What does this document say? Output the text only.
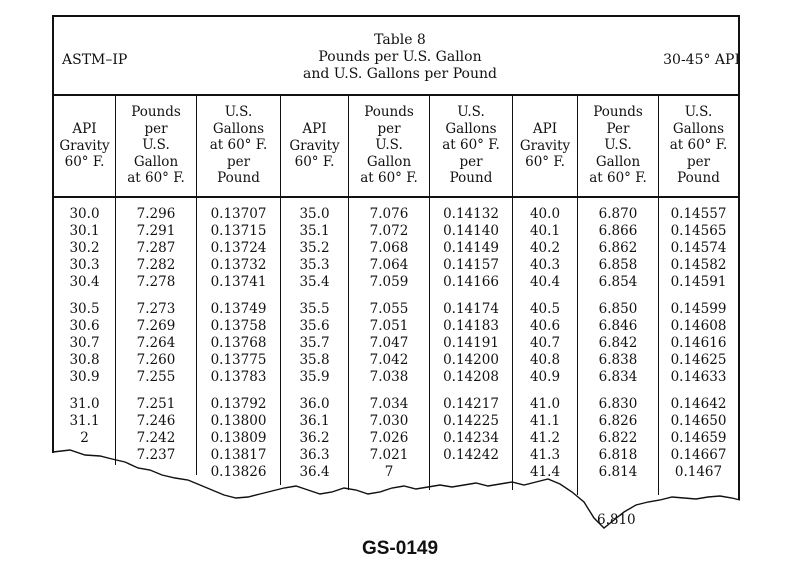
ASTM–IP
Table 8
Pounds per U.S. Gallon
and U.S. Gallons per Pound
30-45° API
API
Gravity
60° F.
Pounds
per
U.S.
Gallon
at 60° F.
U.S.
Gallons
at 60° F.
per
Pound
API
Gravity
60° F.
Pounds
per
U.S.
Gallon
at 60° F.
U.S.
Gallons
at 60° F.
per
Pound
API
Gravity
60° F.
Pounds
Per
U.S.
Gallon
at 60° F.
U.S.
Gallons
at 60° F.
per
Pound
30.0
30.1
30.2
30.3
30.4
30.5
30.6
30.7
30.8
30.9
31.0
31.1
2
7.296
7.291
7.287
7.282
7.278
7.273
7.269
7.264
7.260
7.255
7.251
7.246
7.242
7.237
0.13707
0.13715
0.13724
0.13732
0.13741
0.13749
0.13758
0.13768
0.13775
0.13783
0.13792
0.13800
0.13809
0.13817
0.13826
35.0
35.1
35.2
35.3
35.4
35.5
35.6
35.7
35.8
35.9
36.0
36.1
36.2
36.3
36.4
7.076
7.072
7.068
7.064
7.059
7.055
7.051
7.047
7.042
7.038
7.034
7.030
7.026
7.021
7
0.14132
0.14140
0.14149
0.14157
0.14166
0.14174
0.14183
0.14191
0.14200
0.14208
0.14217
0.14225
0.14234
0.14242
40.0
40.1
40.2
40.3
40.4
40.5
40.6
40.7
40.8
40.9
41.0
41.1
41.2
41.3
41.4
6.870
6.866
6.862
6.858
6.854
6.850
6.846
6.842
6.838
6.834
6.830
6.826
6.822
6.818
6.814
0.14557
0.14565
0.14574
0.14582
0.14591
0.14599
0.14608
0.14616
0.14625
0.14633
0.14642
0.14650
0.14659
0.14667
0.1467
6.810
GS-0149
